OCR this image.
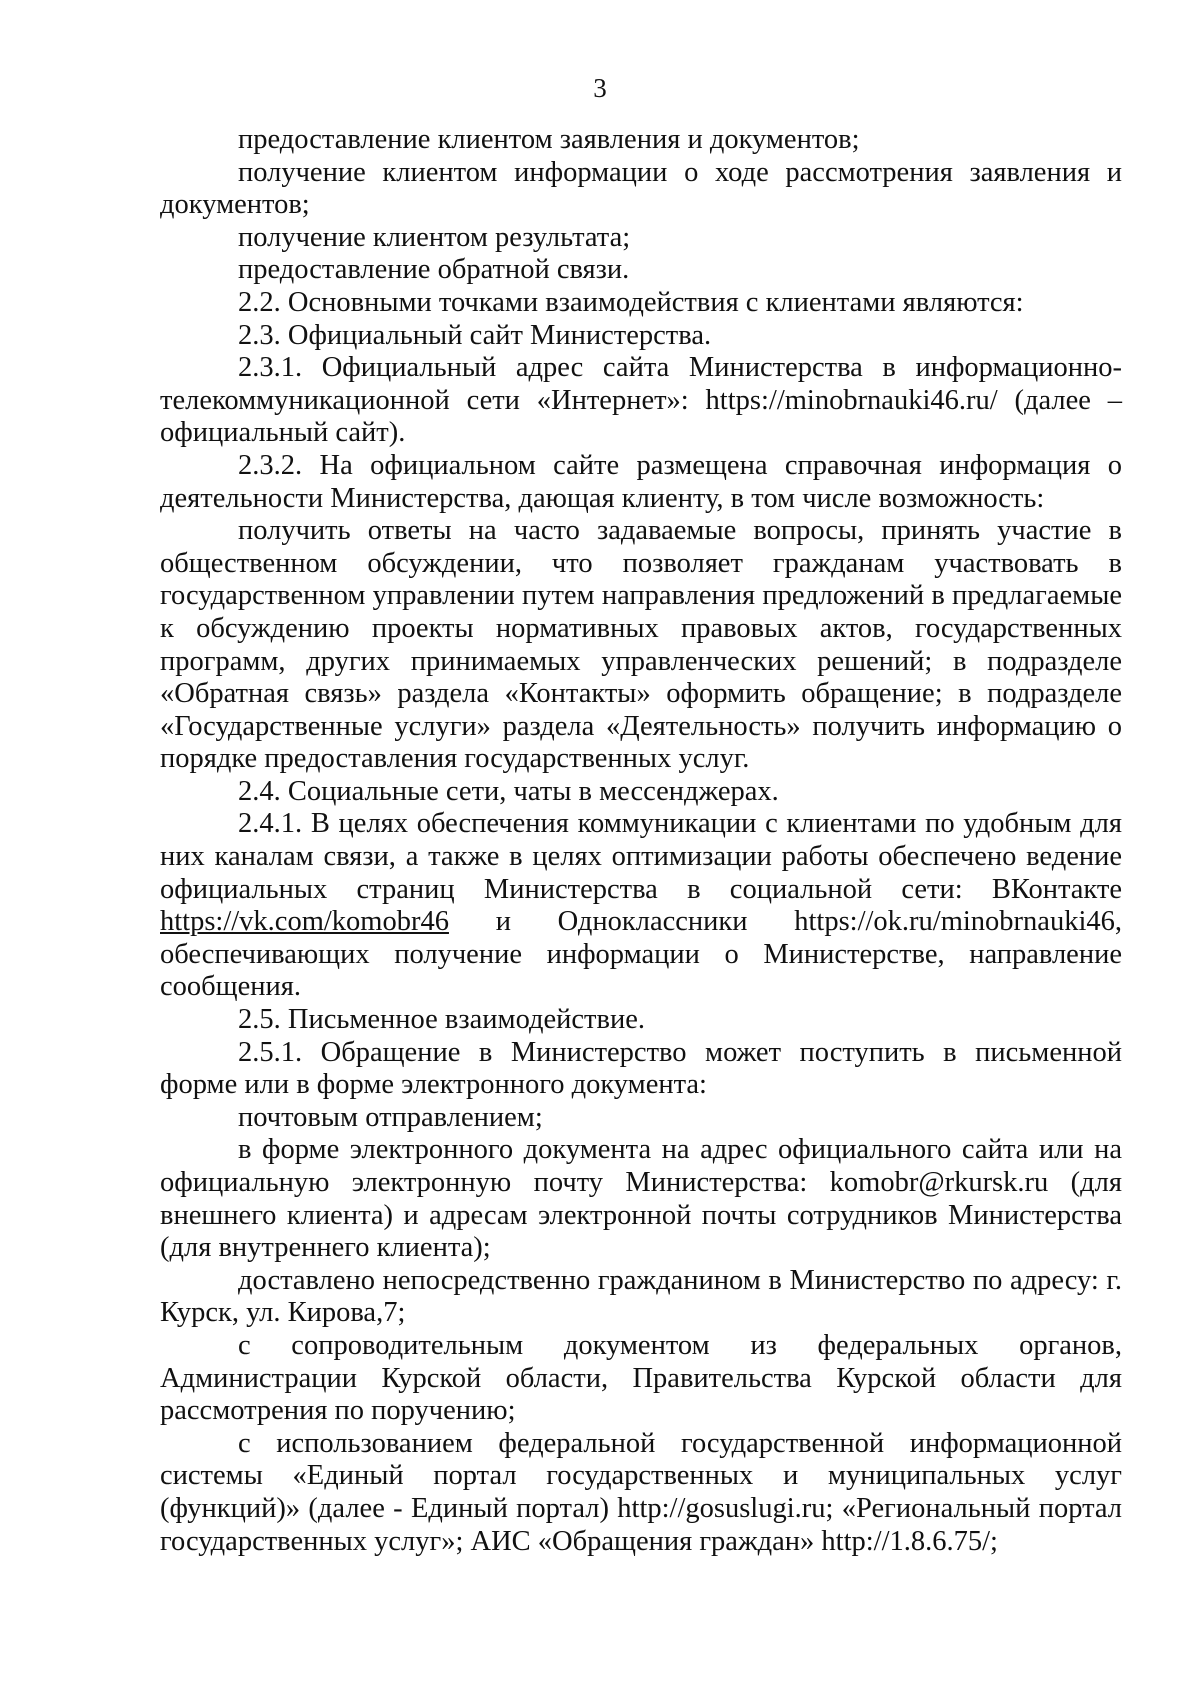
3

предоставление клиентом заявления и документов;

получение клиентом информации о ходе рассмотрения заявления и документов;

получение клиентом результата;

предоставление обратной связи.

2.2. Основными точками взаимодействия с клиентами являются:

2.3. Официальный сайт Министерства.

2.3.1. Официальный адрес сайта Министерства в информационно-телекоммуникационной сети «Интернет»: https://minobrnauki46.ru/ (далее – официальный сайт).

2.3.2. На официальном сайте размещена справочная информация о деятельности Министерства, дающая клиенту, в том числе возможность:

получить ответы на часто задаваемые вопросы, принять участие в общественном обсуждении, что позволяет гражданам участвовать в государственном управлении путем направления предложений в предлагаемые к обсуждению проекты нормативных правовых актов, государственных программ, других принимаемых управленческих решений; в подразделе «Обратная связь» раздела «Контакты» оформить обращение; в подразделе «Государственные услуги» раздела «Деятельность» получить информацию о порядке предоставления государственных услуг.

2.4. Социальные сети, чаты в мессенджерах.

2.4.1. В целях обеспечения коммуникации с клиентами по удобным для них каналам связи, а также в целях оптимизации работы обеспечено ведение официальных страниц Министерства в социальной сети: ВКонтакте https://vk.com/komobr46 и Одноклассники https://ok.ru/minobrnauki46, обеспечивающих получение информации о Министерстве, направление сообщения.

2.5. Письменное взаимодействие.

2.5.1. Обращение в Министерство может поступить в письменной форме или в форме электронного документа:

почтовым отправлением;

в форме электронного документа на адрес официального сайта или на официальную электронную почту Министерства: komobr@rkursk.ru (для внешнего клиента) и адресам электронной почты сотрудников Министерства (для внутреннего клиента);

доставлено непосредственно гражданином в Министерство по адресу: г. Курск, ул. Кирова,7;

с сопроводительным документом из федеральных органов, Администрации Курской области, Правительства Курской области для рассмотрения по поручению;

с использованием федеральной государственной информационной системы «Единый портал государственных и муниципальных услуг (функций)» (далее - Единый портал) http://gosuslugi.ru; «Региональный портал государственных услуг»; АИС «Обращения граждан» http://1.8.6.75/;
